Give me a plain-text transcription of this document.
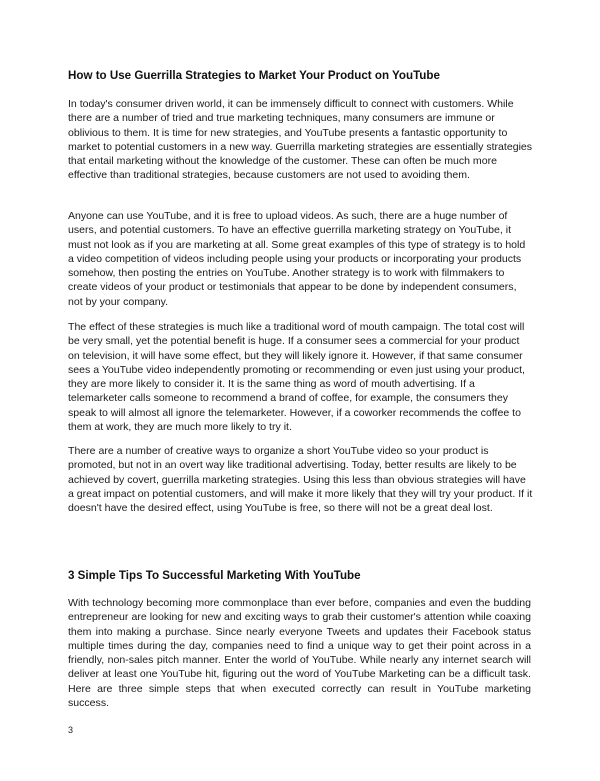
How to Use Guerrilla Strategies to Market Your Product on YouTube

In today's consumer driven world, it can be immensely difficult to connect with customers. While there are a number of tried and true marketing techniques, many consumers are immune or oblivious to them. It is time for new strategies, and YouTube presents a fantastic opportunity to market to potential customers in a new way. Guerrilla marketing strategies are essentially strategies that entail marketing without the knowledge of the customer. These can often be much more effective than traditional strategies, because customers are not used to avoiding them.

Anyone can use YouTube, and it is free to upload videos. As such, there are a huge number of users, and potential customers. To have an effective guerrilla marketing strategy on YouTube, it must not look as if you are marketing at all. Some great examples of this type of strategy is to hold a video competition of videos including people using your products or incorporating your products somehow, then posting the entries on YouTube. Another strategy is to work with filmmakers to create videos of your product or testimonials that appear to be done by independent consumers, not by your company.

The effect of these strategies is much like a traditional word of mouth campaign. The total cost will be very small, yet the potential benefit is huge. If a consumer sees a commercial for your product on television, it will have some effect, but they will likely ignore it. However, if that same consumer sees a YouTube video independently promoting or recommending or even just using your product, they are more likely to consider it. It is the same thing as word of mouth advertising. If a telemarketer calls someone to recommend a brand of coffee, for example, the consumers they speak to will almost all ignore the telemarketer. However, if a coworker recommends the coffee to them at work, they are much more likely to try it.

There are a number of creative ways to organize a short YouTube video so your product is promoted, but not in an overt way like traditional advertising. Today, better results are likely to be achieved by covert, guerrilla marketing strategies. Using this less than obvious strategies will have a great impact on potential customers, and will make it more likely that they will try your product. If it doesn't have the desired effect, using YouTube is free, so there will not be a great deal lost.

3 Simple Tips To Successful Marketing With YouTube

With technology becoming more commonplace than ever before, companies and even the budding entrepreneur are looking for new and exciting ways to grab their customer's attention while coaxing them into making a purchase. Since nearly everyone Tweets and updates their Facebook status multiple times during the day, companies need to find a unique way to get their point across in a friendly, non-sales pitch manner. Enter the world of YouTube. While nearly any internet search will deliver at least one YouTube hit, figuring out the word of YouTube Marketing can be a difficult task. Here are three simple steps that when executed correctly can result in YouTube marketing success.

3
